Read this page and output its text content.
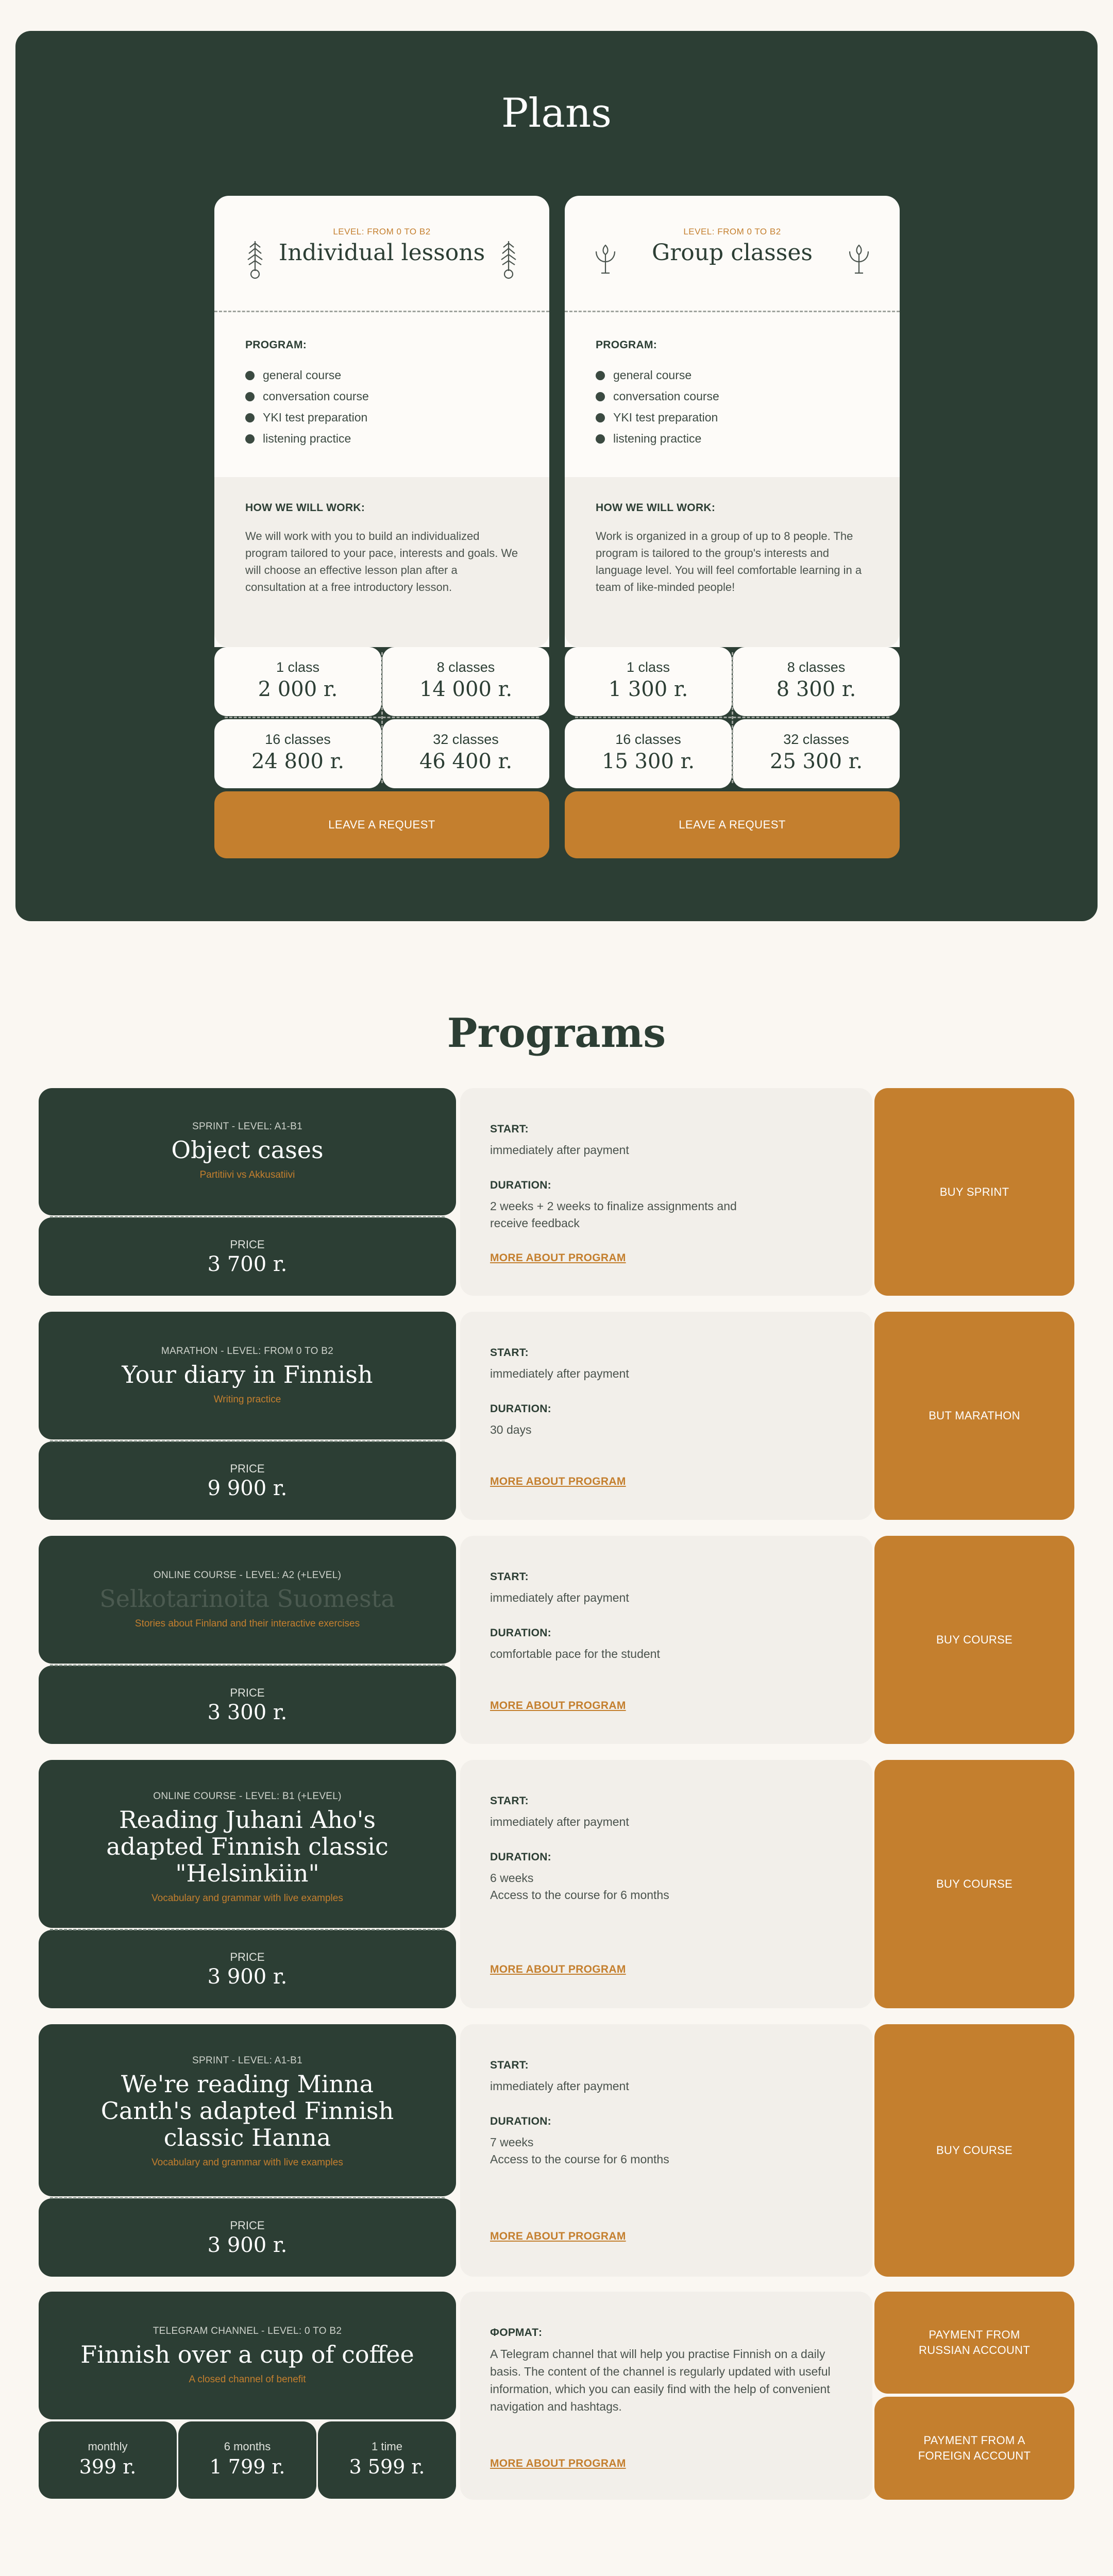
Plans
LEVEL: FROM 0 TO B2
Individual lessons
PROGRAM:
general course
conversation course
YKI test preparation
listening practice
HOW WE WILL WORK:

We will work with you to build an individualized program tailored to your pace, interests and goals. We will choose an effective lesson plan after a consultation at a free introductory lesson.

1 class
2 000 r.
8 classes
14 000 r.
16 classes
24 800 r.
32 classes
46 400 r.
LEAVE A REQUEST
LEVEL: FROM 0 TO B2
Group classes
PROGRAM:
general course
conversation course
YKI test preparation
listening practice
HOW WE WILL WORK:

Work is organized in a group of up to 8 people. The program is tailored to the group's interests and language level. You will feel comfortable learning in a team of like-minded people!

1 class
1 300 r.
8 classes
8 300 r.
16 classes
15 300 r.
32 classes
25 300 r.
LEAVE A REQUEST
Programs
SPRINT - LEVEL: A1-B1
Object cases
Partitiivi vs Akkusatiivi
PRICE
3 700 r.
START:
immediately after payment
DURATION:
2 weeks + 2 weeks to finalize assignments and receive feedback
MORE ABOUT PROGRAM
BUY SPRINT
MARATHON - LEVEL: FROM 0 TO B2
Your diary in Finnish
Writing practice
PRICE
9 900 r.
START:
immediately after payment
DURATION:
30 days
MORE ABOUT PROGRAM
BUT MARATHON
ONLINE COURSE - LEVEL: A2 (+LEVEL)
Selkotarinoita Suomesta
Stories about Finland and their interactive exercises
PRICE
3 300 r.
START:
immediately after payment
DURATION:
comfortable pace for the student
MORE ABOUT PROGRAM
BUY COURSE
ONLINE COURSE - LEVEL: B1 (+LEVEL)
Reading Juhani Aho's adapted Finnish classic "Helsinkiin"
Vocabulary and grammar with live examples
PRICE
3 900 r.
START:
immediately after payment
DURATION:
6 weeks
Access to the course for 6 months
MORE ABOUT PROGRAM
BUY COURSE
SPRINT - LEVEL: A1-B1
We're reading Minna Canth's adapted Finnish classic Hanna
Vocabulary and grammar with live examples
PRICE
3 900 r.
START:
immediately after payment
DURATION:
7 weeks
Access to the course for 6 months
MORE ABOUT PROGRAM
BUY COURSE
TELEGRAM CHANNEL - LEVEL: 0 TO B2
Finnish over a cup of coffee
A closed channel of benefit
monthly
399 r.
6 months
1 799 r.
1 time
3 599 r.
ФОРМАТ:
A Telegram channel that will help you practise Finnish on a daily basis. The content of the channel is regularly updated with useful information, which you can easily find with the help of convenient navigation and hashtags.
MORE ABOUT PROGRAM
PAYMENT FROM RUSSIAN ACCOUNT
PAYMENT FROM A FOREIGN ACCOUNT
